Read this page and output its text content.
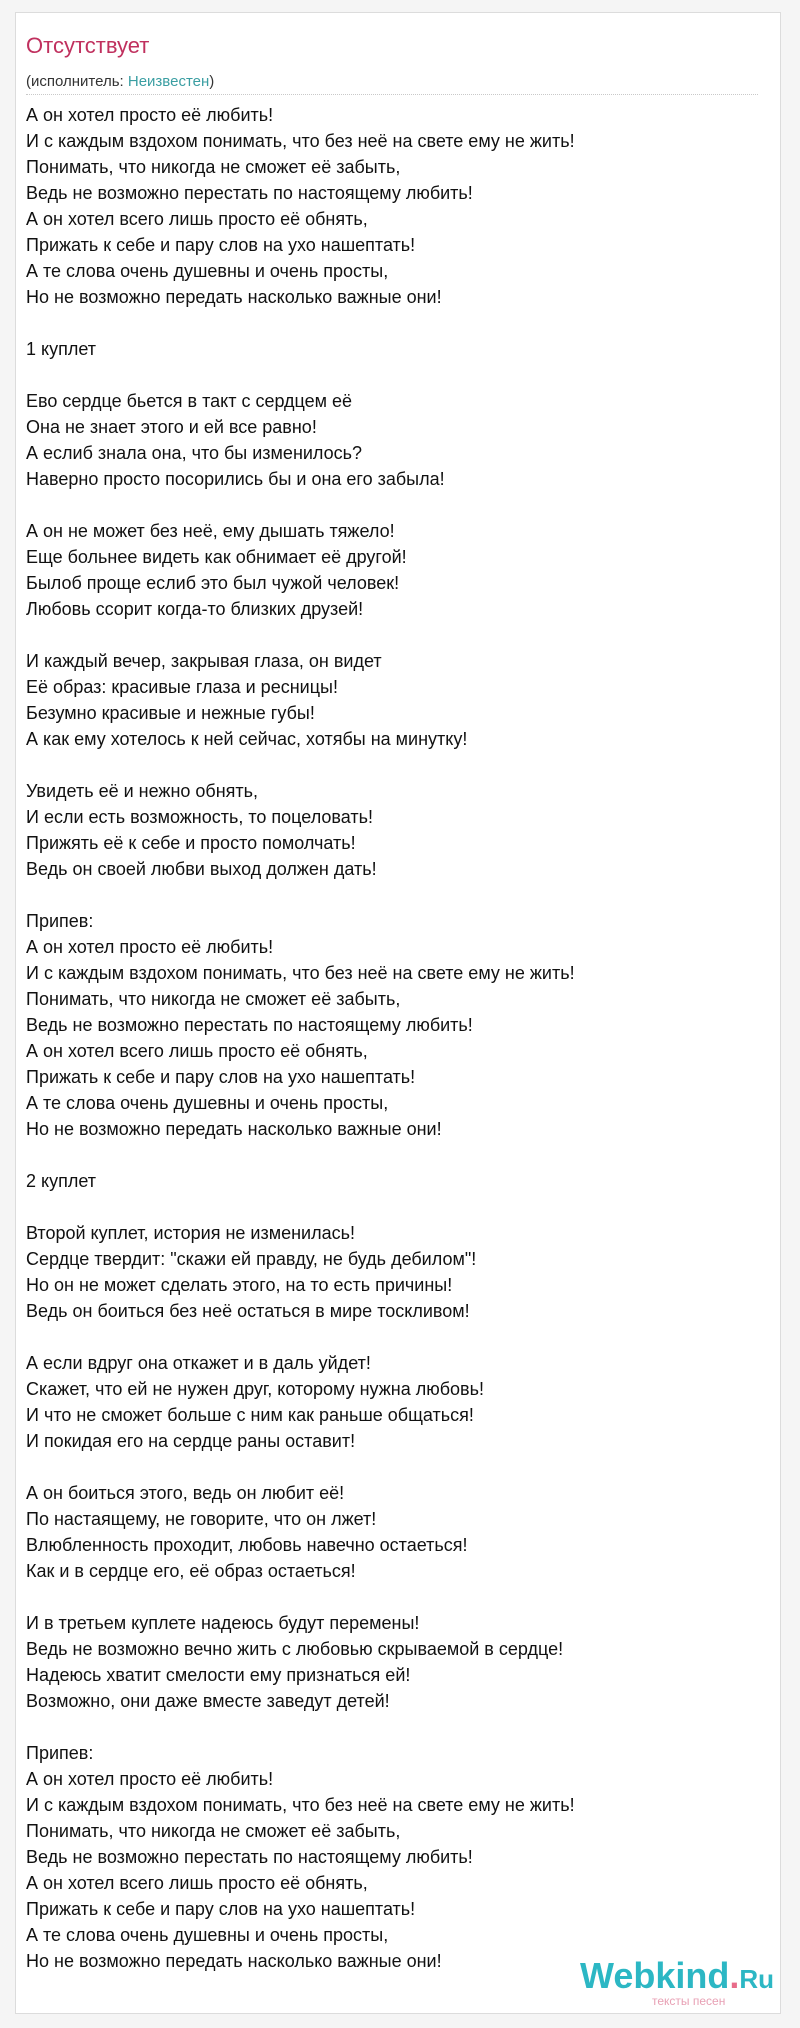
Отсутствует
(исполнитель: Неизвестен)
А он хотел просто её любить!
И с каждым вздохом понимать, что без неё на свете ему не жить!
Понимать, что никогда не сможет её забыть,
Ведь не возможно перестать по настоящему любить!
А он хотел всего лишь просто её обнять,
Прижать к себе и пару слов на ухо нашептать!
А те слова очень душевны и очень просты,
Но не возможно передать насколько важные они!
1 куплет
Ево сердце бьется в такт с сердцем её
Она не знает этого и ей все равно!
А еслиб знала она, что бы изменилось?
Наверно просто посорились бы и она его забыла!
А он не может без неё, ему дышать тяжело!
Еще больнее видеть как обнимает её другой!
Былоб проще еслиб это был чужой человек!
Любовь ссорит когда-то близких друзей!
И каждый вечер, закрывая глаза, он видет
Её образ: красивые глаза и ресницы!
Безумно красивые и нежные губы!
А как ему хотелось к ней сейчас, хотябы на минутку!
Увидеть её и нежно обнять,
И если есть возможность, то поцеловать!
Прижять её к себе и просто помолчать!
Ведь он своей любви выход должен дать!
Припев:
А он хотел просто её любить!
И с каждым вздохом понимать, что без неё на свете ему не жить!
Понимать, что никогда не сможет её забыть,
Ведь не возможно перестать по настоящему любить!
А он хотел всего лишь просто её обнять,
Прижать к себе и пару слов на ухо нашептать!
А те слова очень душевны и очень просты,
Но не возможно передать насколько важные они!
2 куплет
Второй куплет, история не изменилась!
Сердце твердит: "скажи ей правду, не будь дебилом"!
Но он не может сделать этого, на то есть причины!
Ведь он боиться без неё остаться в мире тоскливом!
А если вдруг она откажет и в даль уйдет!
Скажет, что ей не нужен друг, которому нужна любовь!
И что не сможет больше с ним как раньше общаться!
И покидая его на сердце раны оставит!
А он боиться этого, ведь он любит её!
По настаящему, не говорите, что он лжет!
Влюбленность проходит, любовь навечно остаеться!
Как и в сердце его, её образ остаеться!
И в третьем куплете надеюсь будут перемены!
Ведь не возможно вечно жить с любовью скрываемой в сердце!
Надеюсь хватит смелости ему признаться ей!
Возможно, они даже вместе заведут детей!
Припев:
А он хотел просто её любить!
И с каждым вздохом понимать, что без неё на свете ему не жить!
Понимать, что никогда не сможет её забыть,
Ведь не возможно перестать по настоящему любить!
А он хотел всего лишь просто её обнять,
Прижать к себе и пару слов на ухо нашептать!
А те слова очень душевны и очень просты,
Но не возможно передать насколько важные они!	Webkind.Ru
тексты песен
